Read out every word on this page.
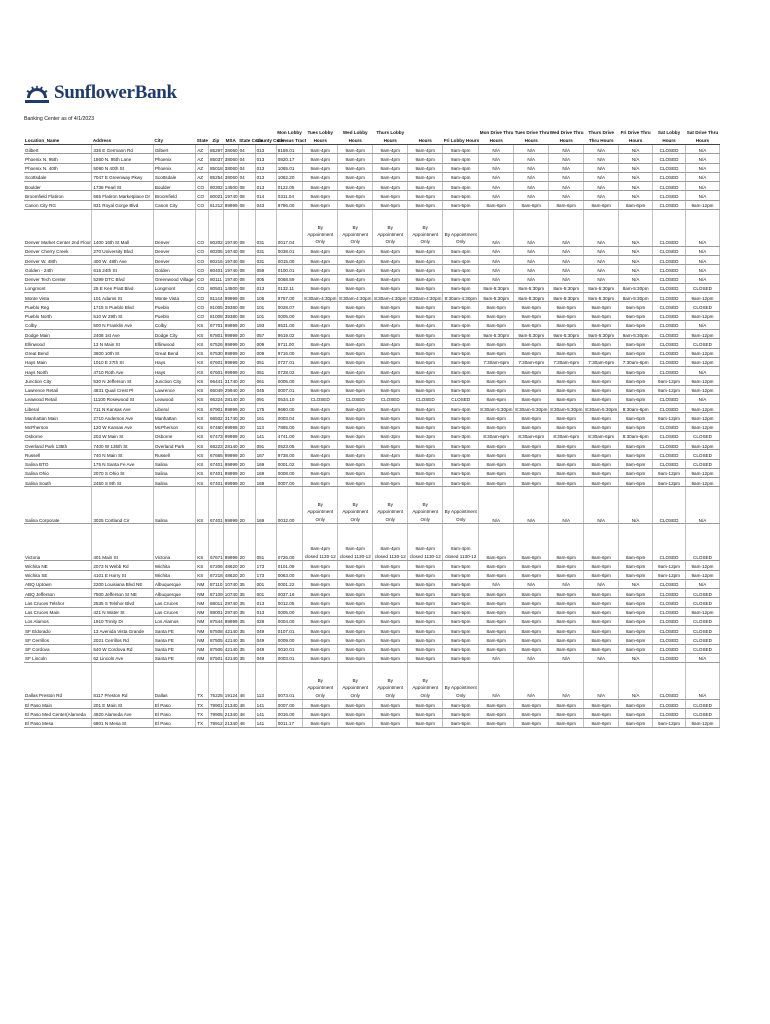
SunflowerBank
Banking Center as of 4/1/2023
								Mon Lobby	Tues Lobby	Wed Lobby	Thurs Lobby			Mon Drive Thru	Tues Drive Thru	Wed Drive Thru	Thurs Drive	Fri Drive Thru	Sat Lobby	Sat Drive Thru
Location_Name	Address	City	State	Zip	MSA	State Code	County Code	Census Tract	Hours	Hours	Hours	Hours	Fri Lobby Hours	Hours	Hours	Hours	Thru Hours	Hours	Hours	Hours
Gilbert	335 E Germann Rd	Gilbert	AZ	85297	38060	04	013	8159.01	9am-4pm	9am-4pm	9am-4pm	9am-4pm	9am-4pm	N/A	N/A	N/A	N/A	N/A	CLOSED	N/A
Phoenix N. 95th	1860 N. 95th Lane	Phoenix	AZ	85037	38060	04	013	0820.17	9am-4pm	9am-4pm	9am-4pm	9am-4pm	9am-4pm	N/A	N/A	N/A	N/A	N/A	CLOSED	N/A
Phoenix N. 40th	5090 N 40th St	Phoenix	AZ	85018	38060	04	013	1065.01	9am-4pm	9am-4pm	9am-4pm	9am-4pm	9am-4pm	N/A	N/A	N/A	N/A	N/A	CLOSED	N/A
Scottsdale	7047 E Greenway Pkwy	Scottsdale	AZ	85254	38060	04	013	1062.20	9am-4pm	9am-4pm	9am-4pm	9am-4pm	9am-4pm	N/A	N/A	N/A	N/A	N/A	CLOSED	N/A
Boulder	1738 Pearl St	Boulder	CO	80302	14500	08	013	0122.05	9am-4pm	9am-4pm	9am-4pm	9am-4pm	9am-4pm	N/A	N/A	N/A	N/A	N/A	CLOSED	N/A
Broomfield Flatiron	665 Flatiron Marketplace Dr	Broomfield	CO	80021	19740	08	014	0311.04	9am-5pm	9am-5pm	9am-5pm	9am-5pm	9am-5pm	N/A	N/A	N/A	N/A	N/A	CLOSED	N/A
Canon City RG	831 Royal Gorge Blvd	Canon City	CO	81212	99999	08	043	9786.00	9am-5pm	9am-5pm	9am-5pm	9am-5pm	9am-5pm	8am-6pm	8am-6pm	8am-6pm	8am-6pm	8am-6pm	CLOSED	9am-12pm
Denver Market Center 2nd Floor	1400 16th St Mall	Denver	CO	80202	19740	08	031	0017.04	By Appointment Only	By Appointment Only	By Appointment Only	By Appointment Only	By Appointment Only	N/A	N/A	N/A	N/A	N/A	CLOSED	N/A
Denver Cherry Creek	270 University Blvd	Denver	CO	80206	19740	08	031	0038.01	9am-4pm	9am-4pm	9am-4pm	9am-4pm	9am-4pm	N/A	N/A	N/A	N/A	N/A	CLOSED	N/A
Denver W. 48th	400 W. 48th Ave	Denver	CO	80216	19740	08	031	0015.00	9am-4pm	9am-4pm	9am-4pm	9am-4pm	9am-4pm	N/A	N/A	N/A	N/A	N/A	CLOSED	N/A
Golden - 24th	615 24th St	Golden	CO	80401	19740	08	059	0100.01	9am-4pm	9am-4pm	9am-4pm	9am-4pm	9am-4pm	N/A	N/A	N/A	N/A	N/A	CLOSED	N/A
Denver Tech Center	5299 DTC Blvd	Greenwood Village	CO	80111	19740	08	005	0068.59	9am-4pm	9am-4pm	9am-4pm	9am-4pm	9am-4pm	N/A	N/A	N/A	N/A	N/A	CLOSED	N/A
Longmont	25 E Ken Pratt Blvd	Longmont	CO	80501	14500	08	013	0132.11	9am-5pm	9am-5pm	9am-5pm	9am-5pm	9am-5pm	8am-5:30pm	8am-5:30pm	8am-5:30pm	8am-5:30pm	8am-5:30pm	CLOSED	CLOSED
Monte Vista	101 Adams St	Monte Vista	CO	81144	99999	08	105	9767.00	8:30am-4:30pm	8:30am-4:30pm	8:30am-4:30pm	8:30am-4:30pm	8:30am-4:30pm	8am-5:30pm	8am-5:30pm	8am-5:30pm	8am-5:30pm	8am-5:30pm	CLOSED	9am-12pm
Pueblo Reg	1715 S Pueblo Blvd	Pueblo	CO	81005	39380	08	101	0028.07	9am-5pm	9am-5pm	9am-5pm	9am-5pm	9am-5pm	9am-5pm	9am-5pm	9am-5pm	9am-5pm	9am-5pm	CLOSED	CLOSED
Pueblo North	510 W 29th St	Pueblo	CO	81008	39380	08	101	0005.00	9am-5pm	9am-5pm	9am-5pm	9am-5pm	9am-5pm	9am-5pm	9am-5pm	9am-5pm	9am-5pm	9am-5pm	CLOSED	9am-12pm
Colby	500 N Franklin Ave	Colby	KS	67701	99999	20	193	9531.00	8am-4pm	8am-4pm	8am-4pm	8am-4pm	8am-4pm	8am-5pm	8am-5pm	8am-5pm	8am-5pm	8am-5pm	CLOSED	N/A
Dodge Main	2408 1st Ave	Dodge City	KS	67801	99999	20	057	9619.02	9am-5pm	9am-5pm	9am-5pm	9am-5pm	9am-5pm	9am-5:30pm	9am-5:30pm	9am-5:30pm	9am-5:30pm	9am-5:30pm	CLOSED	9am-12pm
Ellinwood	13 N Main St	Ellinwood	KS	67526	99999	20	009	9711.00	8am-4pm	8am-4pm	8am-4pm	8am-4pm	8am-4pm	8am-5pm	8am-5pm	8am-5pm	8am-5pm	8am-5pm	CLOSED	CLOSED
Great Bend	3600 10th St	Great Bend	KS	67530	99999	20	009	9716.00	9am-5pm	9am-5pm	9am-5pm	9am-5pm	9am-5pm	8am-6pm	8am-6pm	8am-6pm	8am-6pm	8am-6pm	CLOSED	9am-12pm
Hays Main	1010 E 27th St	Hays	KS	67601	99999	20	051	0727.01	9am-5pm	9am-5pm	9am-5pm	9am-5pm	9am-5pm	7:30am-6pm	7:30am-6pm	7:30am-6pm	7:30am-6pm	7:30am-6pm	CLOSED	9am-12pm
Hays North	4710 Roth Ave	Hays	KS	67601	99999	20	051	0728.02	8am-4pm	8am-4pm	8am-4pm	8am-4pm	8am-4pm	8am-5pm	8am-5pm	8am-5pm	8am-5pm	8am-5pm	CLOSED	N/A
Junction City	530 N Jefferson St	Junction City	KS	66441	31740	20	061	0005.00	9am-5pm	9am-5pm	9am-5pm	9am-5pm	9am-5pm	8am-6pm	8am-6pm	8am-6pm	8am-6pm	8am-6pm	9am-12pm	9am-12pm
Lawrence Retail	4831 Quail Crest Pl	Lawrence	KS	66049	29940	20	045	0007.01	9am-5pm	9am-5pm	9am-5pm	9am-5pm	9am-5pm	8am-6pm	8am-6pm	8am-6pm	8am-6pm	8am-6pm	9am-12pm	9am-12pm
Leawood Retail	11100 Rosewood St	Leawood	KS	66224	28140	20	091	0534.10	CLOSED	CLOSED	CLOSED	CLOSED	CLOSED	8am-6pm	8am-6pm	8am-6pm	8am-6pm	8am-6pm	CLOSED	N/A
Liberal	711 N Kansas Ave	Liberal	KS	67901	99999	20	175	9660.00	9am-4pm	9am-4pm	9am-4pm	9am-4pm	9am-4pm	8:30am-5:30pm	8:30am-5:30pm	8:30am-5:30pm	8:30am-5:30pm	8:30am-6pm	CLOSED	9am-12pm
Manhattan Main	2710 Anderson Ave	Manhattan	KS	66502	31740	20	161	0003.04	9am-5pm	9am-5pm	9am-5pm	9am-5pm	9am-5pm	8am-6pm	8am-6pm	8am-6pm	8am-6pm	8am-6pm	9am-12pm	9am-12pm
McPherson	120 W Kansas Ave	McPherson	KS	67460	99999	20	113	7865.00	9am-5pm	9am-5pm	9am-5pm	9am-5pm	9am-5pm	8am-5pm	8am-5pm	8am-5pm	8am-5pm	8am-5pm	CLOSED	9am-12pm
Osborne	203 W Main St	Osborne	KS	67473	99999	20	141	4741.00	9am-3pm	9am-3pm	9am-3pm	9am-3pm	9am-3pm	8:30am-6pm	8:30am-6pm	8:30am-6pm	8:30am-6pm	8:30am-6pm	CLOSED	CLOSED
Overland Park 135th	7400 W 135th St	Overland Park	KS	66223	28140	20	091	0523.05	9am-5pm	9am-5pm	9am-5pm	9am-5pm	9am-5pm	8am-6pm	8am-6pm	8am-6pm	8am-6pm	8am-6pm	CLOSED	9am-12pm
Russell	740 N Main St	Russell	KS	67665	99999	20	167	9738.00	8am-4pm	8am-4pm	8am-4pm	8am-4pm	8am-4pm	8am-5pm	8am-5pm	8am-5pm	8am-5pm	8am-5pm	CLOSED	CLOSED
Salina BTO	175 N Santa Fe Ave	Salina	KS	67401	99999	20	169	0001.02	9am-5pm	9am-5pm	9am-5pm	9am-5pm	9am-5pm	8am-6pm	8am-6pm	8am-6pm	8am-6pm	8am-6pm	CLOSED	CLOSED
Salina Ohio	2070 S Ohio St	Salina	KS	67401	99999	20	169	0008.00	9am-5pm	9am-5pm	9am-5pm	9am-5pm	9am-5pm	8am-6pm	8am-6pm	8am-6pm	8am-6pm	8am-6pm	9am-12pm	9am-12pm
Salina South	2450 S 9th St	Salina	KS	67401	99999	20	169	0007.00	9am-5pm	9am-5pm	9am-5pm	9am-5pm	9am-5pm	8am-6pm	8am-6pm	8am-6pm	8am-6pm	8am-6pm	9am-12pm	9am-12pm
Salina Corporate	3025 Cortland Cir	Salina	KS	67401	99999	20	169	0012.00	By Appointment Only	By Appointment Only	By Appointment Only	By Appointment Only	By Appointment Only	N/A	N/A	N/A	N/A	N/A	CLOSED	N/A
Victoria	401 Main St	Victoria	KS	67671	99999	20	051	0726.00	8am-4pm closed 1130-12	8am-4pm closed 1130-12	8am-4pm closed 1130-12	8am-4pm closed 1130-12	8am-4pm closed 1130-12	8am-6pm	8am-6pm	8am-6pm	8am-6pm	8am-6pm	CLOSED	CLOSED
Wichita NE	2073 N Webb Rd	Wichita	KS	67206	48620	20	173	0101.09	9am-5pm	9am-5pm	9am-5pm	9am-5pm	9am-5pm	8am-6pm	8am-6pm	8am-6pm	8am-6pm	8am-6pm	9am-12pm	9am-12pm
Wichita SE	4101 E Harry St	Wichita	KS	67218	48620	20	173	0063.00	9am-5pm	9am-5pm	9am-5pm	9am-5pm	9am-5pm	8am-6pm	8am-6pm	8am-6pm	8am-6pm	8am-6pm	9am-12pm	9am-12pm
ABQ Uptown	2200 Louisiana Blvd NE	Albuquerque	NM	87110	10740	35	001	0001.22	9am-5pm	9am-5pm	9am-5pm	9am-5pm	9am-5pm	N/A	N/A	N/A	N/A	N/A	CLOSED	N/A
ABQ Jefferson	7500 Jefferson St NE	Albuquerque	NM	87109	10740	35	001	0037.16	9am-5pm	9am-5pm	9am-5pm	9am-5pm	9am-5pm	9am-5pm	9am-5pm	9am-5pm	9am-5pm	9am-5pm	CLOSED	CLOSED
Las Cruces Telshor	2535 S Telshor Blvd	Las Cruces	NM	88011	29740	35	013	0012.05	9am-5pm	9am-5pm	9am-5pm	9am-5pm	9am-5pm	8am-6pm	8am-6pm	8am-6pm	8am-6pm	8am-6pm	CLOSED	CLOSED
Las Cruces Main	421 N Water St	Las Cruces	NM	88001	29740	35	013	0005.00	9am-5pm	9am-5pm	9am-5pm	9am-5pm	9am-5pm	8am-6pm	8am-6pm	8am-6pm	8am-6pm	8am-6pm	CLOSED	9am-12pm
Los Alamos	1910 Trinity Dr	Los Alamos	NM	87544	99999	35	028	0004.00	9am-5pm	9am-5pm	9am-5pm	9am-5pm	9am-5pm	8am-6pm	8am-6pm	8am-6pm	8am-6pm	8am-6pm	CLOSED	CLOSED
SF Eldorado	13 Avenida Vista Grande	Santa FE	NM	87508	42140	35	049	0107.01	9am-5pm	9am-5pm	9am-5pm	9am-5pm	9am-5pm	8am-6pm	8am-6pm	8am-6pm	8am-6pm	8am-6pm	CLOSED	CLOSED
SF Cerrillos	2021 Cerrillos Rd	Santa FE	NM	87505	42140	35	049	0009.00	9am-5pm	9am-5pm	9am-5pm	9am-5pm	9am-5pm	8am-6pm	8am-6pm	8am-6pm	8am-6pm	8am-6pm	CLOSED	CLOSED
SF Cordova	540 W Cordova Rd	Santa FE	NM	87505	42140	35	049	0010.01	9am-5pm	9am-5pm	9am-5pm	9am-5pm	9am-5pm	8am-6pm	8am-6pm	8am-6pm	8am-6pm	8am-6pm	CLOSED	CLOSED
SF Lincoln	62 Lincoln Ave	Santa FE	NM	87501	42140	35	049	0003.01	9am-5pm	9am-5pm	9am-5pm	9am-5pm	9am-5pm	N/A	N/A	N/A	N/A	N/A	CLOSED	N/A
Dallas Preston Rd	8117 Preston Rd	Dallas	TX	75225	19124	48	113	0073.01	By Appointment Only	By Appointment Only	By Appointment Only	By Appointment Only	By Appointment Only	N/A	N/A	N/A	N/A	N/A	CLOSED	N/A
El Paso Main	201 E Main St	El Paso	TX	79901	21340	48	141	0007.00	9am-5pm	9am-5pm	9am-5pm	9am-5pm	9am-5pm	8am-6pm	8am-6pm	8am-6pm	8am-6pm	8am-6pm	CLOSED	CLOSED
El Paso Med Center(Alameda	4920 Alameda Ave	El Paso	TX	79905	21340	48	141	0016.00	9am-5pm	9am-5pm	9am-5pm	9am-5pm	9am-5pm	8am-6pm	8am-6pm	8am-6pm	8am-6pm	8am-6pm	CLOSED	CLOSED
El Paso Mesa	6801 N Mesa St	El Paso	TX	79912	21340	48	141	0011.17	9am-5pm	9am-5pm	9am-5pm	9am-5pm	9am-5pm	8am-6pm	8am-6pm	8am-6pm	8am-6pm	8am-6pm	9am-12pm	9am-12pm
